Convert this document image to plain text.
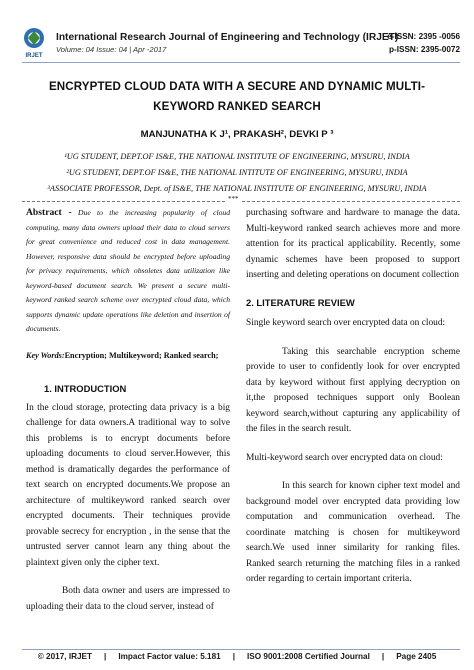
IRJET
International Research Journal of Engineering and Technology (IRJET)
Volume: 04 Issue: 04 | Apr -2017
e-ISSN: 2395 -0056
p-ISSN: 2395-0072
ENCRYPTED CLOUD DATA WITH A SECURE AND DYNAMIC MULTI-
KEYWORD RANKED SEARCH
MANJUNATHA K J¹, PRAKASH², DEVKI P ³
¹UG STUDENT, DEPT.OF IS&E, THE NATIONAL INSTITUTE OF ENGINEERING, MYSURU, INDIA
²UG STUDENT, DEPT.OF IS&E, THE NATIONAL INTITUTE OF ENGINEERING, MYSURU, INDIA
³ASSOCIATE PROFESSOR, Dept. of IS&E, THE NATIONAL INSTITUTE OF ENGINEERING, MYSURU, INDIA
***

Abstract - Due to the increasing popularity of cloud computing, many data owners upload their data to cloud servers for great convenience and reduced cost in data management. However, responsive data should be encrypted before uploading for privacy requirements, which obsoletes data utilization like keyword-based document search. We present a secure multi-keyword ranked search scheme over encrypted cloud data, which supports dynamic update operations like deletion and insertion of documents.

Key Words:Encryption; Multikeyword; Ranked search;
1. INTRODUCTION

In the cloud storage, protecting data privacy is a big challenge for data owners.A traditional way to solve this problems is to encrypt documents before uploading documents to cloud server.However, this method is dramatically degardes the performance of text search on encrypted documents.We propose an architecture of multikeyword ranked search over encrypted documents. Their techniques provide provable secrecy for encryption , in the sense that the untrusted server cannot learn any thing about the plaintext given only the cipher text.

Both data owner and users are impressed to uploading their data to the cloud server, instead of

purchasing software and hardware to manage the data. Multi-keyword ranked search achieves more and more attention for its practical applicability. Recently, some dynamic schemes have been proposed to support inserting and deleting operations on document collection

2. LITERATURE REVIEW

Single keyword search over encrypted data on cloud:

Taking this searchable encryption scheme provide to user to confidently look for over encrypted data by keyword without first applying decryption on it,the proposed techniques support only Boolean keyword search,without capturing any applicability of the files in the search result.

Multi-keyword search over encrypted data on cloud:

In this search for known cipher text model and background model over encrypted data providing low computation and communication overhead. The coordinate matching is chosen for multikeyword search.We used inner similarity for ranking files. Ranked search returning the matching files in a ranked order regarding to certain important criteria.

© 2017, IRJET | Impact Factor value: 5.181 | ISO 9001:2008 Certified Journal | Page 2405
